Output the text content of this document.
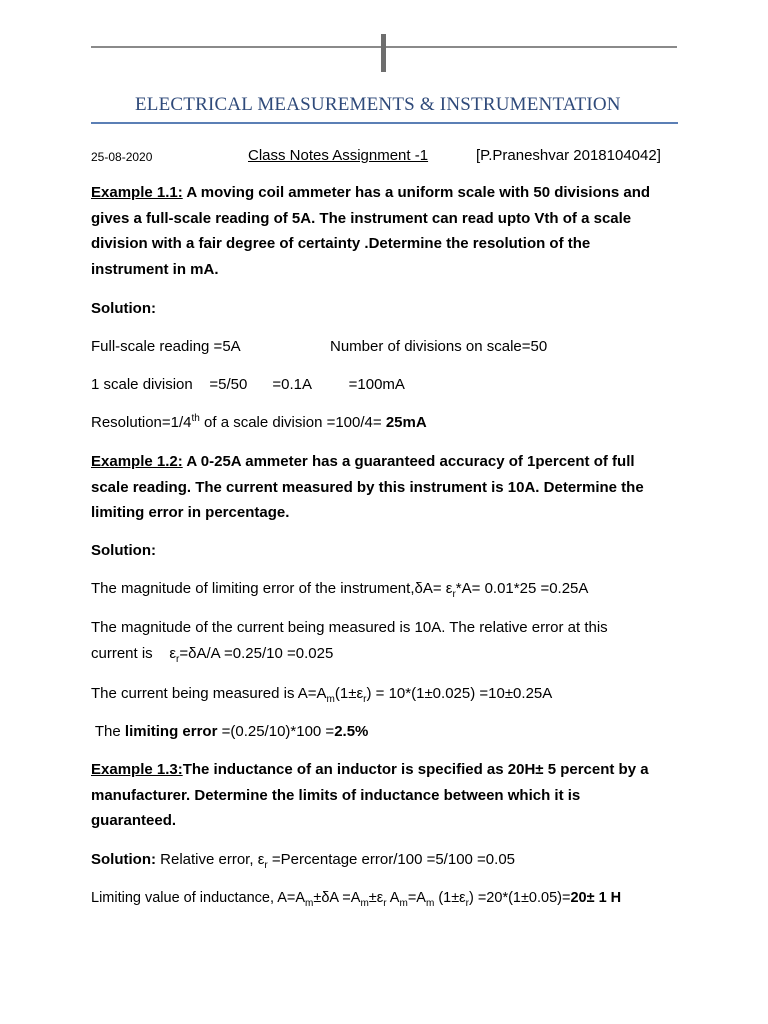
ELECTRICAL MEASUREMENTS & INSTRUMENTATION
25-08-2020	Class Notes Assignment -1	[P.Praneshvar 2018104042]
Example 1.1: A moving coil ammeter has a uniform scale with 50 divisions and
gives a full-scale reading of 5A. The instrument can read upto Vth of a scale
division with a fair degree of certainty .Determine the resolution of the
instrument in mA.
Solution:
Full-scale reading =5A	Number of divisions on scale=50
1 scale division    =5/50      =0.1A         =100mA
Resolution=1/4th of a scale division =100/4= 25mA
Example 1.2: A 0-25A ammeter has a guaranteed accuracy of 1percent of full
scale reading. The current measured by this instrument is 10A. Determine the
limiting error in percentage.
Solution:
The magnitude of limiting error of the instrument,δA= $\varepsilon_r*A= 0.01*25 =0.25A$
The magnitude of the current being measured is 10A. The relative error at this
current is    $\varepsilon_r=\delta A/A =0.25/10 =0.025$
The current being measured is $A=A_m(1\pm\varepsilon_r) = 10*(1\pm 0.025) =10\pm 0.25A$
The limiting error =(0.25/10)*100 =2.5%
Example 1.3:The inductance of an inductor is specified as 20H± 5 percent by a
manufacturer. Determine the limits of inductance between which it is
guaranteed.
Solution: Relative error, $\varepsilon_r$ =Percentage error/100 =5/100 =0.05
Limiting value of inductance, $A=A_m\pm\delta A =A_m\pm\varepsilon_r$ $A_m=A_m$ $(1\pm\varepsilon_r) =20*(1\pm 0.05)=20\pm 1$ H
